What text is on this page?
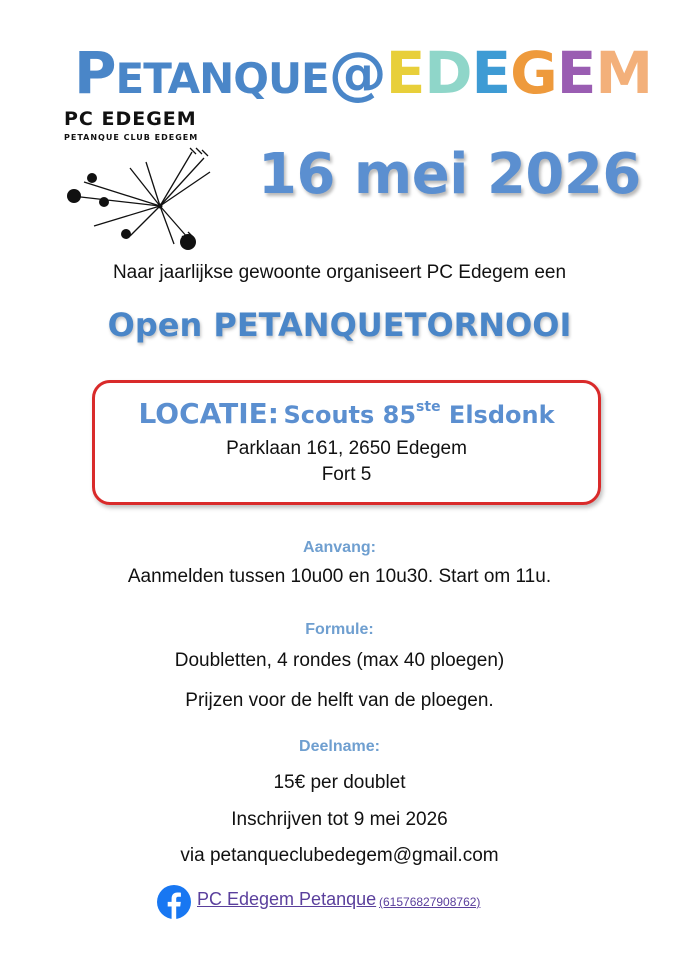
PETANQUE@EDEGEM
PC EDEGEM
PETANQUE CLUB EDEGEM
16 mei 2026
Naar jaarlijkse gewoonte organiseert PC Edegem een
Open PETANQUETORNOOI
LOCATIE: Scouts 85ste Elsdonk
Parklaan 161, 2650 Edegem
Fort 5
Aanvang:
Aanmelden tussen 10u00 en 10u30. Start om 11u.
Formule:
Doubletten, 4 rondes (max 40 ploegen)
Prijzen voor de helft van de ploegen.
Deelname:
15€ per doublet
Inschrijven tot 9 mei 2026
via petanqueclubedegem@gmail.com
PC Edegem Petanque (61576827908762)
